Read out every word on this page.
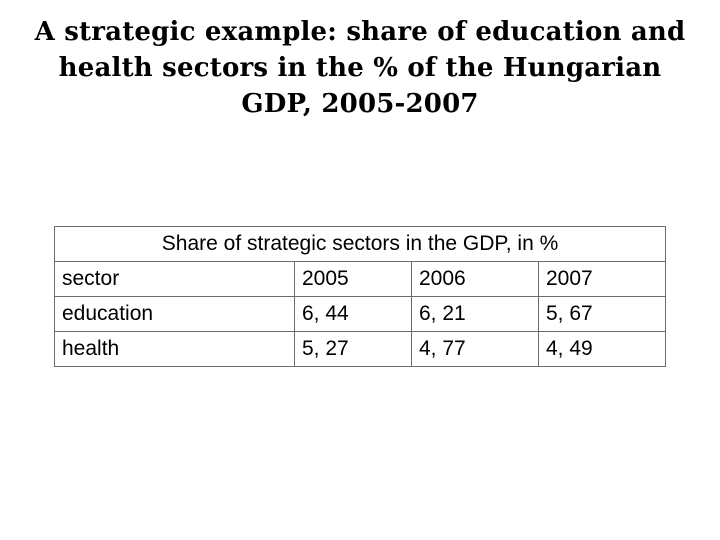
A strategic example: share of education and
health sectors in the % of the Hungarian
GDP, 2005-2007
Share of strategic sectors in the GDP, in %			
sector	2005	2006	2007
education	6, 44	6, 21	5, 67
health	5, 27	4, 77	4, 49
